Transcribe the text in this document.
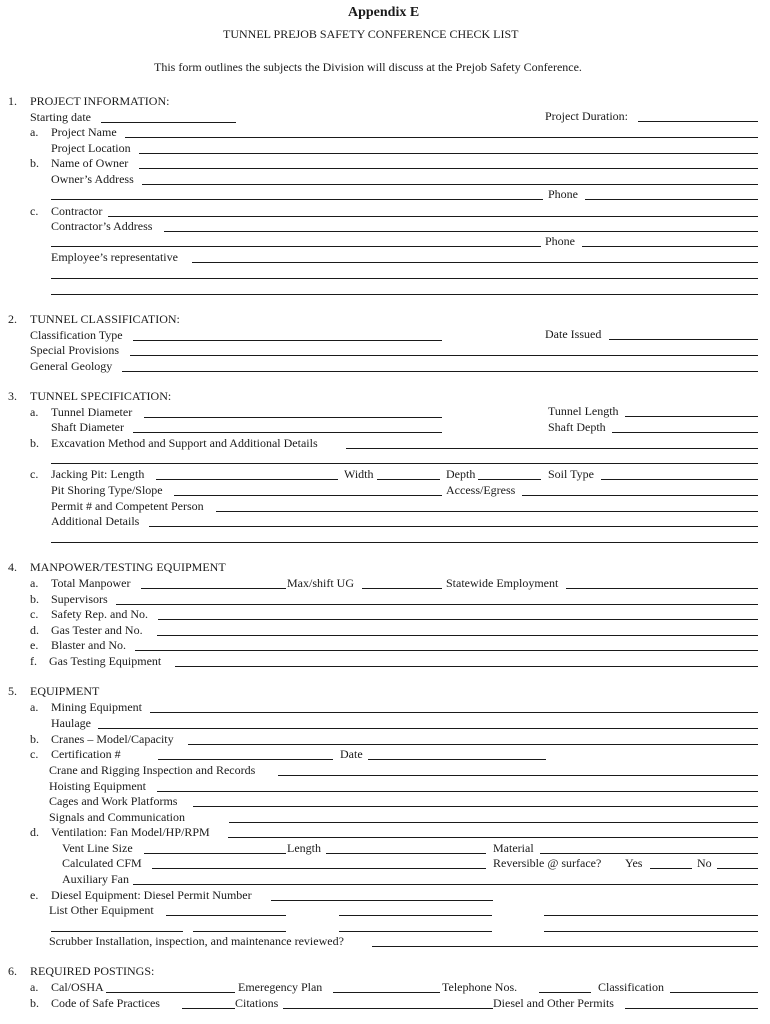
Appendix E
TUNNEL PREJOB SAFETY CONFERENCE CHECK LIST
This form outlines the subjects the Division will discuss at the Prejob Safety Conference.
1. PROJECT INFORMATION:
Starting date	Project Duration:
a. Project Name
Project Location
b. Name of Owner
Owner’s Address
Phone
c. Contractor
Contractor’s Address
Phone
Employee’s representative
2. TUNNEL CLASSIFICATION:
Classification Type	Date Issued
Special Provisions
General Geology
3. TUNNEL SPECIFICATION:
a. Tunnel Diameter	Tunnel Length
Shaft Diameter	Shaft Depth
b. Excavation Method and Support and Additional Details
c. Jacking Pit: Length	Width	Depth	Soil Type
Pit Shoring Type/Slope	Access/Egress
Permit # and Competent Person
Additional Details
4. MANPOWER/TESTING EQUIPMENT
a. Total Manpower	Max/shift UG	Statewide Employment
b. Supervisors
c. Safety Rep. and No.
d. Gas Tester and No.
e. Blaster and No.
f. Gas Testing Equipment
5. EQUIPMENT
a. Mining Equipment
Haulage
b. Cranes – Model/Capacity
c. Certification #	Date
Crane and Rigging Inspection and Records
Hoisting Equipment
Cages and Work Platforms
Signals and Communication
d. Ventilation: Fan Model/HP/RPM
Vent Line Size	Length	Material
Calculated CFM	Reversible @ surface? Yes	No
Auxiliary Fan
e. Diesel Equipment: Diesel Permit Number
List Other Equipment
Scrubber Installation, inspection, and maintenance reviewed?
6. REQUIRED POSTINGS:
a. Cal/OSHA	Emeregency Plan	Telephone Nos.	Classification
b. Code of Safe Practices	Citations	Diesel and Other Permits
